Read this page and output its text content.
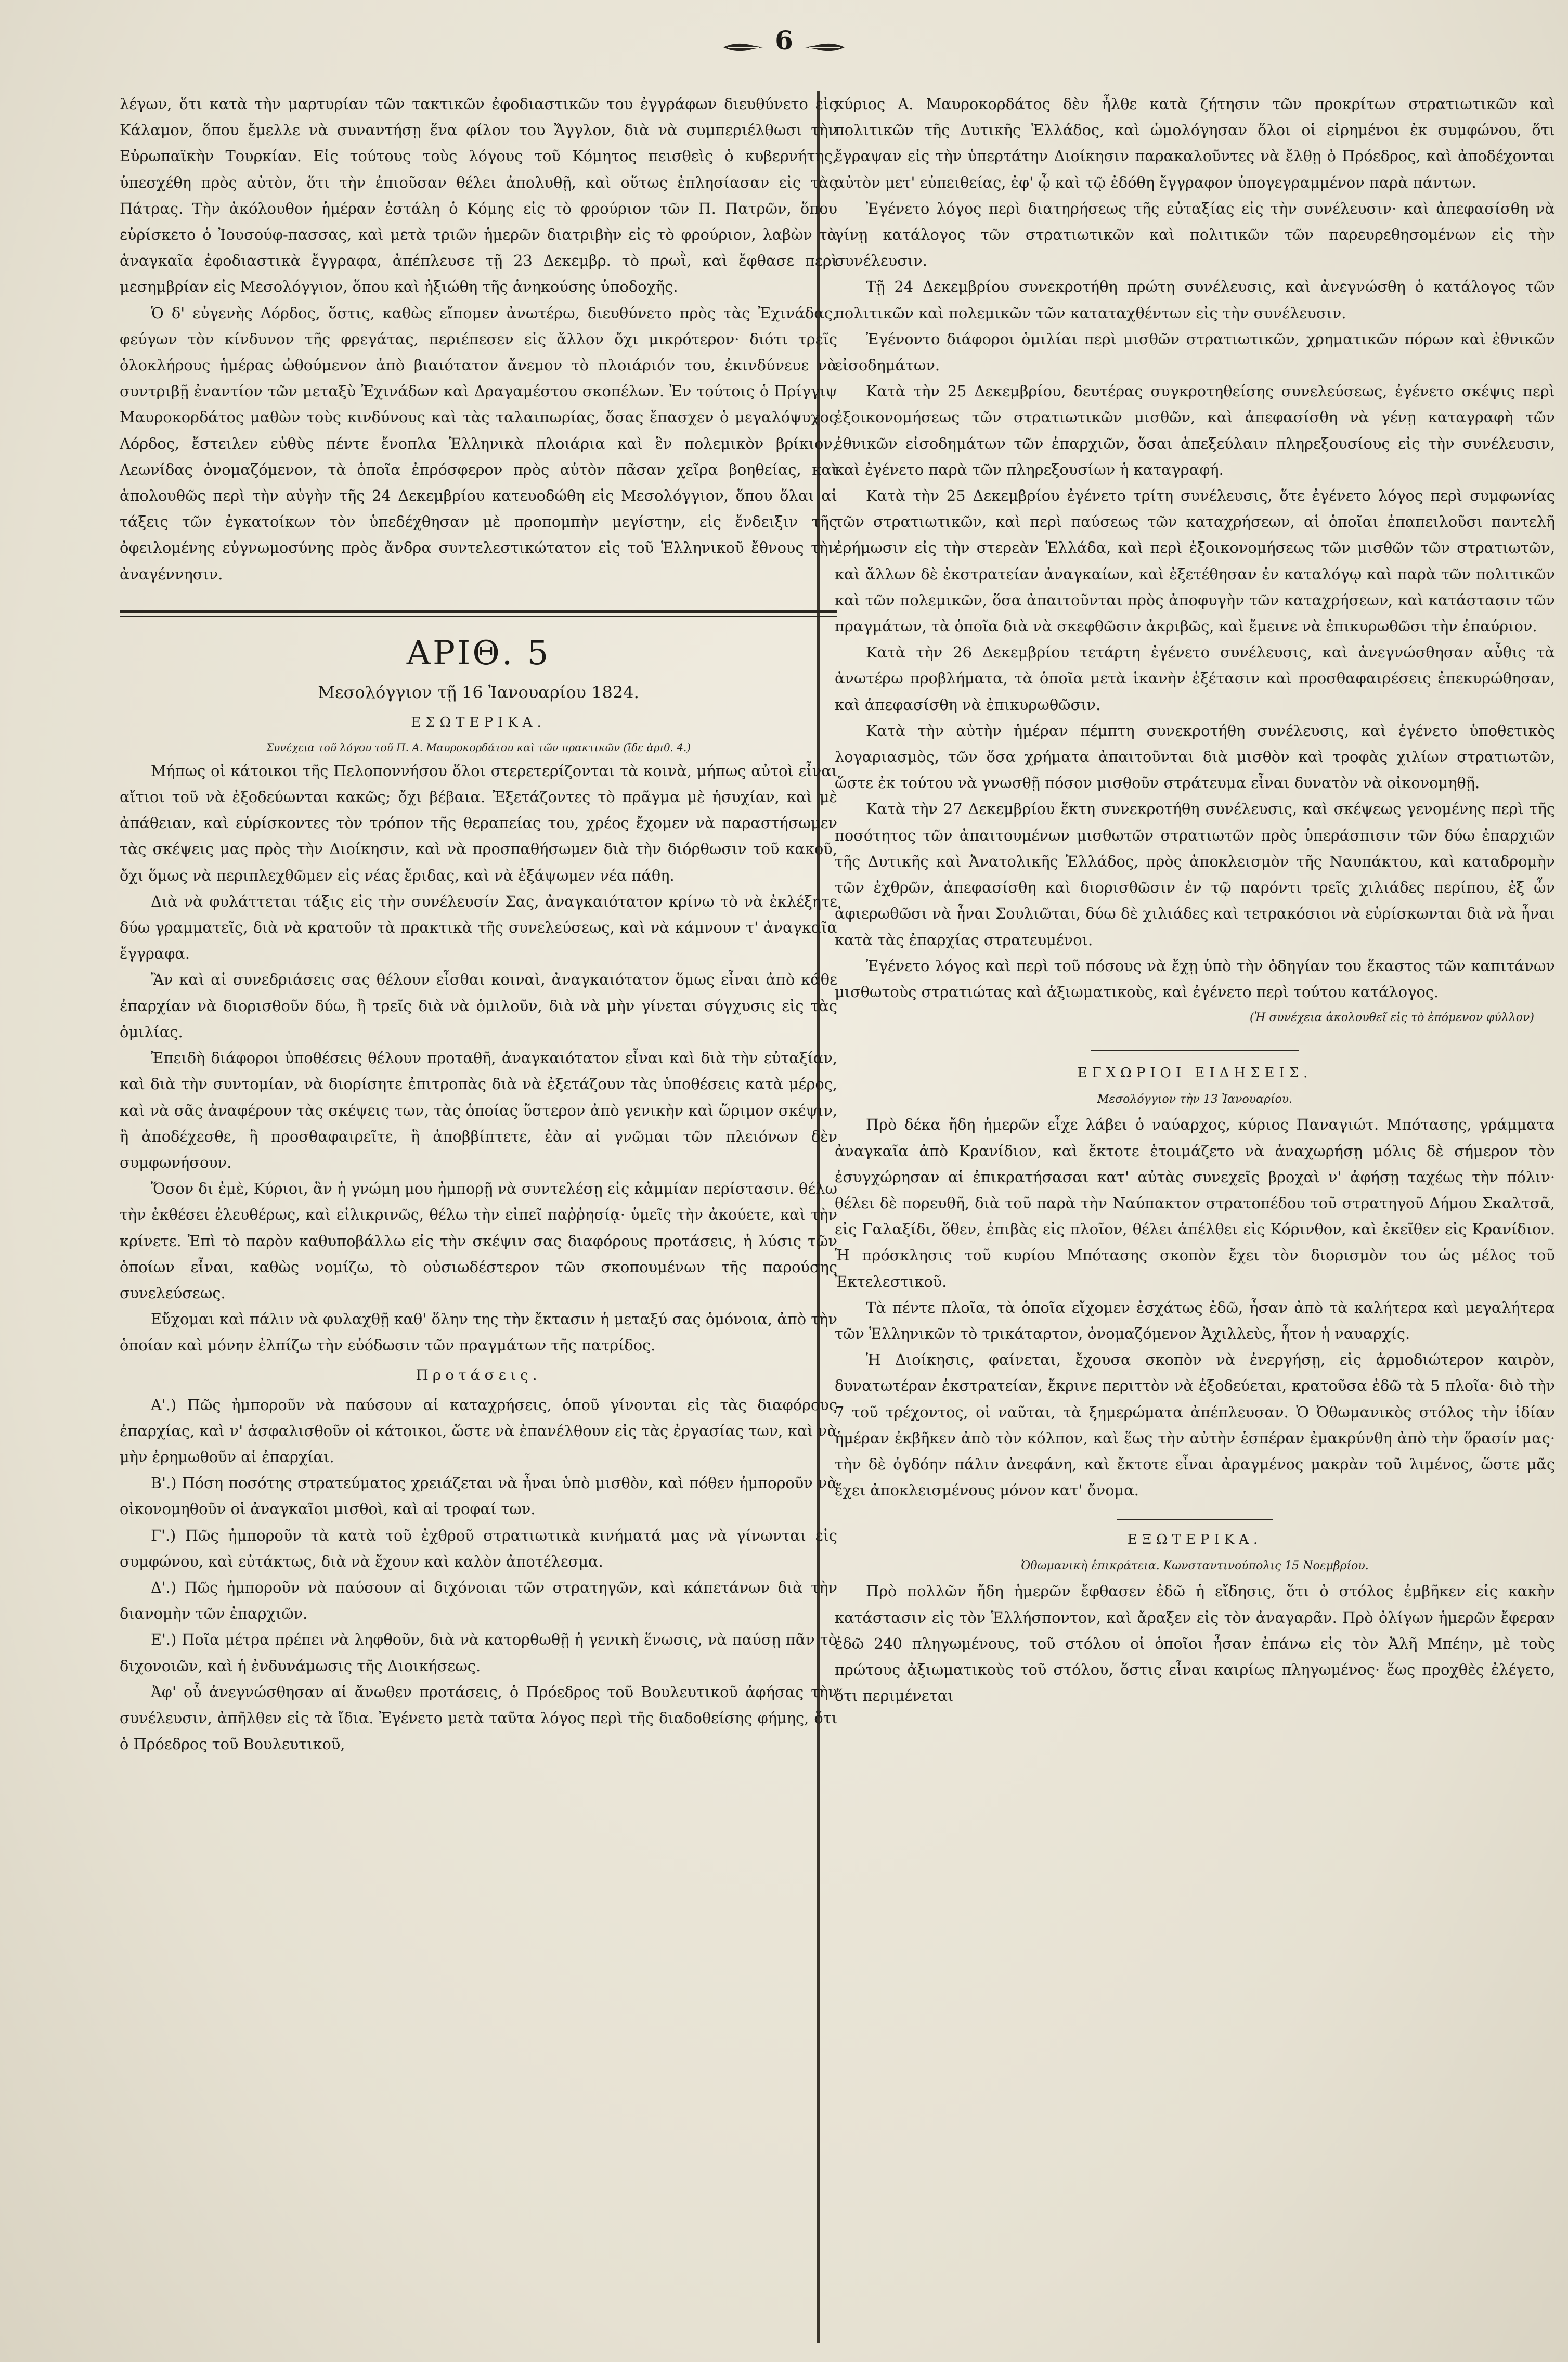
6

λέγων, ὅτι κατὰ τὴν μαρτυρίαν τῶν τακτικῶν ἐφοδιαστικῶν του ἐγγράφων διευθύνετο εἰς Κάλαμον, ὅπου ἔμελλε νὰ συναντήσῃ ἕνα φίλον του Ἄγγλον, διὰ νὰ συμπεριέλθωσι τὴν Εὐρωπαϊκὴν Τουρκίαν. Εἰς τούτους τοὺς λόγους τοῦ Κόμητος πεισθεὶς ὁ κυβερνήτης, ὑπεσχέθη πρὸς αὐτὸν, ὅτι τὴν ἐπιοῦσαν θέλει ἀπολυθῇ, καὶ οὕτως ἐπλησίασαν εἰς τὰς Πάτρας. Τὴν ἀκόλουθον ἡμέραν ἐστάλη ὁ Κόμης εἰς τὸ φρούριον τῶν Π. Πατρῶν, ὅπου εὑρίσκετο ὁ Ἰουσούφ-πασσας, καὶ μετὰ τριῶν ἡμερῶν διατριβὴν εἰς τὸ φρούριον, λαβὼν τὰ ἀναγκαῖα ἐφοδιαστικὰ ἔγγραφα, ἀπέπλευσε τῇ 23 Δεκεμβρ. τὸ πρωῒ, καὶ ἔφθασε περὶ μεσημβρίαν εἰς Μεσολόγγιον, ὅπου καὶ ἠξιώθη τῆς ἁνηκούσης ὑποδοχῆς.

Ὁ δ' εὐγενὴς Λόρδος, ὅστις, καθὼς εἴπομεν ἀνωτέρω, διευθύνετο πρὸς τὰς Ἐχινάδας, φεύγων τὸν κίνδυνον τῆς φρεγάτας, περιέπεσεν εἰς ἄλλον ὄχι μικρότερον· διότι τρεῖς ὁλοκλήρους ἡμέρας ὠθούμενον ἀπὸ βιαιότατον ἄνεμον τὸ πλοιάριόν του, ἐκινδύνευε νὰ συντριβῇ ἐναντίον τῶν μεταξὺ Ἐχινάδων καὶ Δραγαμέστου σκοπέλων. Ἐν τούτοις ὁ Πρίγγιψ Μαυροκορδάτος μαθὼν τοὺς κινδύνους καὶ τὰς ταλαιπωρίας, ὅσας ἔπασχεν ὁ μεγαλόψυχος Λόρδος, ἔστειλεν εὐθὺς πέντε ἔνοπλα Ἑλληνικὰ πλοιάρια καὶ ἓν πολεμικὸν βρίκιον, Λεωνίδας ὀνομαζόμενον, τὰ ὁποῖα ἐπρόσφερον πρὸς αὐτὸν πᾶσαν χεῖρα βοηθείας, καὶ ἀπολουθῶς περὶ τὴν αὐγὴν τῆς 24 Δεκεμβρίου κατευοδώθη εἰς Μεσολόγγιον, ὅπου ὅλαι αἱ τάξεις τῶν ἐγκατοίκων τὸν ὑπεδέχθησαν μὲ προπομπὴν μεγίστην, εἰς ἔνδειξιν τῆς ὀφειλομένης εὐγνωμοσύνης πρὸς ἄνδρα συντελεστικώτατον εἰς τοῦ Ἑλληνικοῦ ἔθνους τὴν ἀναγέννησιν.

ΑΡΙΘ. 5
Μεσολόγγιον τῇ 16 Ἰανουαρίου 1824.
ΕΣΩΤΕΡΙΚΑ.
Συνέχεια τοῦ λόγου τοῦ Π. Α. Μαυροκορδάτου καὶ τῶν πρακτικῶν (ἴδε ἀριθ. 4.)

Μήπως οἱ κάτοικοι τῆς Πελοποννήσου ὅλοι στερετερίζονται τὰ κοινὰ, μήπως αὐτοὶ εἶναι αἴτιοι τοῦ νὰ ἐξοδεύωνται κακῶς; ὄχι βέβαια. Ἐξετάζοντες τὸ πρᾶγμα μὲ ἡσυχίαν, καὶ μὲ ἀπάθειαν, καὶ εὑρίσκοντες τὸν τρόπον τῆς θεραπείας του, χρέος ἔχομεν νὰ παραστήσωμεν τὰς σκέψεις μας πρὸς τὴν Διοίκησιν, καὶ νὰ προσπαθήσωμεν διὰ τὴν διόρθωσιν τοῦ κακοῦ, ὄχι ὅμως νὰ περιπλεχθῶμεν εἰς νέας ἔριδας, καὶ νὰ ἐξάψωμεν νέα πάθη.

Διὰ νὰ φυλάττεται τάξις εἰς τὴν συνέλευσίν Σας, ἀναγκαιότατον κρίνω τὸ νὰ ἐκλέξητε δύω γραμματεῖς, διὰ νὰ κρατοῦν τὰ πρακτικὰ τῆς συνελεύσεως, καὶ νὰ κάμνουν τ' ἀναγκαῖα ἔγγραφα.

Ἂν καὶ αἱ συνεδριάσεις σας θέλουν εἶσθαι κοιναὶ, ἀναγκαιότατον ὅμως εἶναι ἀπὸ κάθε ἐπαρχίαν νὰ διορισθοῦν δύω, ἢ τρεῖς διὰ νὰ ὁμιλοῦν, διὰ νὰ μὴν γίνεται σύγχυσις εἰς τὰς ὁμιλίας.

Ἐπειδὴ διάφοροι ὑποθέσεις θέλουν προταθῆ, ἀναγκαιότατον εἶναι καὶ διὰ τὴν εὐταξίαν, καὶ διὰ τὴν συντομίαν, νὰ διορίσητε ἐπιτροπὰς διὰ νὰ ἐξετάζουν τὰς ὑποθέσεις κατὰ μέρος, καὶ νὰ σᾶς ἀναφέρουν τὰς σκέψεις των, τὰς ὁποίας ὕστερον ἀπὸ γενικὴν καὶ ὥριμον σκέψιν, ἢ ἀποδέχεσθε, ἢ προσθαφαιρεῖτε, ἢ ἀποββίπτετε, ἐὰν αἱ γνῶμαι τῶν πλειόνων δὲν συμφωνήσουν.

Ὅσον δι ἐμὲ, Κύριοι, ἂν ἡ γνώμη μου ἠμπορῇ νὰ συντελέσῃ εἰς κἀμμίαν περίστασιν. θέλω τὴν ἐκθέσει ἐλευθέρως, καὶ εἰλικρινῶς, θέλω τὴν εἰπεῖ παῤῥησίᾳ· ὑμεῖς τὴν ἀκούετε, καὶ τὴν κρίνετε. Ἐπὶ τὸ παρὸν καθυποβάλλω εἰς τὴν σκέψιν σας διαφόρους προτάσεις, ἡ λύσις τῶν ὁποίων εἶναι, καθὼς νομίζω, τὸ οὐσιωδέστερον τῶν σκοπουμένων τῆς παρούσης συνελεύσεως.

Εὔχομαι καὶ πάλιν νὰ φυλαχθῇ καθ' ὅλην της τὴν ἔκτασιν ἡ μεταξύ σας ὁμόνοια, ἀπὸ τὴν ὁποίαν καὶ μόνην ἐλπίζω τὴν εὐόδωσιν τῶν πραγμάτων τῆς πατρίδος.

Προτάσεις.

Α'.) Πῶς ἠμποροῦν νὰ παύσουν αἱ καταχρήσεις, ὁποῦ γίνονται εἰς τὰς διαφόρους ἐπαρχίας, καὶ ν' ἀσφαλισθοῦν οἱ κάτοικοι, ὥστε νὰ ἐπανέλθουν εἰς τὰς ἐργασίας των, καὶ νὰ μὴν ἐρημωθοῦν αἱ ἐπαρχίαι.

Β'.) Πόση ποσότης στρατεύματος χρειάζεται νὰ ἦναι ὑπὸ μισθὸν, καὶ πόθεν ἠμποροῦν νὰ οἰκονομηθοῦν οἱ ἀναγκαῖοι μισθοὶ, καὶ αἱ τροφαί των.

Γ'.) Πῶς ἠμποροῦν τὰ κατὰ τοῦ ἐχθροῦ στρατιωτικὰ κινήματά μας νὰ γίνωνται εἰς συμφώνου, καὶ εὐτάκτως, διὰ νὰ ἔχουν καὶ καλὸν ἀποτέλεσμα.

Δ'.) Πῶς ἠμποροῦν νὰ παύσουν αἱ διχόνοιαι τῶν στρατηγῶν, καὶ κάπετάνων διὰ τὴν διανομὴν τῶν ἐπαρχιῶν.

Ε'.) Ποῖα μέτρα πρέπει νὰ ληφθοῦν, διὰ νὰ κατορθωθῇ ἡ γενικὴ ἕνωσις, νὰ παύσῃ πᾶν τὸ διχονοιῶν, καὶ ἡ ἐνδυνάμωσις τῆς Διοικήσεως.

Ἀφ' οὗ ἀνεγνώσθησαν αἱ ἄνωθεν προτάσεις, ὁ Πρόεδρος τοῦ Βουλευτικοῦ ἀφήσας τὴν συνέλευσιν, ἀπῆλθεν εἰς τὰ ἴδια. Ἐγένετο μετὰ ταῦτα λόγος περὶ τῆς διαδοθείσης φήμης, ὅτι ὁ Πρόεδρος τοῦ Βουλευτικοῦ,

κύριος Α. Μαυροκορδάτος δὲν ἦλθε κατὰ ζήτησιν τῶν προκρίτων στρατιωτικῶν καὶ πολιτικῶν τῆς Δυτικῆς Ἑλλάδος, καὶ ὡμολόγησαν ὅλοι οἱ εἰρημένοι ἐκ συμφώνου, ὅτι ἔγραψαν εἰς τὴν ὑπερτάτην Διοίκησιν παρακαλοῦντες νὰ ἔλθῃ ὁ Πρόεδρος, καὶ ἀποδέχονται αὐτὸν μετ' εὐπειθείας, ἐφ' ᾧ καὶ τῷ ἐδόθη ἔγγραφον ὑπογεγραμμένον παρὰ πάντων.

Ἐγένετο λόγος περὶ διατηρήσεως τῆς εὐταξίας εἰς τὴν συνέλευσιν· καὶ ἀπεφασίσθη νὰ γίνῃ κατάλογος τῶν στρατιωτικῶν καὶ πολιτικῶν τῶν παρευρεθησομένων εἰς τὴν συνέλευσιν.

Τῇ 24 Δεκεμβρίου συνεκροτήθη πρώτη συνέλευσις, καὶ ἀνεγνώσθη ὁ κατάλογος τῶν πολιτικῶν καὶ πολεμικῶν τῶν καταταχθέντων εἰς τὴν συνέλευσιν.

Ἐγένοντο διάφοροι ὁμιλίαι περὶ μισθῶν στρατιωτικῶν, χρηματικῶν πόρων καὶ ἐθνικῶν εἰσοδημάτων.

Κατὰ τὴν 25 Δεκεμβρίου, δευτέρας συγκροτηθείσης συνελεύσεως, ἐγένετο σκέψις περὶ ἐξοικονομήσεως τῶν στρατιωτικῶν μισθῶν, καὶ ἀπεφασίσθη νὰ γένῃ καταγραφὴ τῶν ἐθνικῶν εἰσοδημάτων τῶν ἐπαρχιῶν, ὅσαι ἀπεξεύλαιν πληρεξουσίους εἰς τὴν συνέλευσιν, καὶ ἐγένετο παρὰ τῶν πληρεξουσίων ἡ καταγραφή.

Κατὰ τὴν 25 Δεκεμβρίου ἐγένετο τρίτη συνέλευσις, ὅτε ἐγένετο λόγος περὶ συμφωνίας τῶν στρατιωτικῶν, καὶ περὶ παύσεως τῶν καταχρήσεων, αἱ ὁποῖαι ἐπαπειλοῦσι παντελῆ ἐρήμωσιν εἰς τὴν στερεὰν Ἑλλάδα, καὶ περὶ ἐξοικονομήσεως τῶν μισθῶν τῶν στρατιωτῶν, καὶ ἄλλων δὲ ἐκστρατείαν ἀναγκαίων, καὶ ἐξετέθησαν ἐν καταλόγῳ καὶ παρὰ τῶν πολιτικῶν καὶ τῶν πολεμικῶν, ὅσα ἀπαιτοῦνται πρὸς ἀποφυγὴν τῶν καταχρήσεων, καὶ κατάστασιν τῶν πραγμάτων, τὰ ὁποῖα διὰ νὰ σκεφθῶσιν ἀκριβῶς, καὶ ἔμεινε νὰ ἐπικυρωθῶσι τὴν ἐπαύριον.

Κατὰ τὴν 26 Δεκεμβρίου τετάρτη ἐγένετο συνέλευσις, καὶ ἀνεγνώσθησαν αὖθις τὰ ἀνωτέρω προβλήματα, τὰ ὁποῖα μετὰ ἱκανὴν ἐξέτασιν καὶ προσθαφαιρέσεις ἐπεκυρώθησαν, καὶ ἀπεφασίσθη νὰ ἐπικυρωθῶσιν.

Κατὰ τὴν αὐτὴν ἡμέραν πέμπτη συνεκροτήθη συνέλευσις, καὶ ἐγένετο ὑποθετικὸς λογαριασμὸς, τῶν ὅσα χρήματα ἀπαιτοῦνται διὰ μισθὸν καὶ τροφὰς χιλίων στρατιωτῶν, ὥστε ἐκ τούτου νὰ γνωσθῇ πόσον μισθοῦν στράτευμα εἶναι δυνατὸν νὰ οἰκονομηθῇ.

Κατὰ τὴν 27 Δεκεμβρίου ἕκτη συνεκροτήθη συνέλευσις, καὶ σκέψεως γενομένης περὶ τῆς ποσότητος τῶν ἀπαιτουμένων μισθωτῶν στρατιωτῶν πρὸς ὑπεράσπισιν τῶν δύω ἐπαρχιῶν τῆς Δυτικῆς καὶ Ἀνατολικῆς Ἑλλάδος, πρὸς ἀποκλεισμὸν τῆς Ναυπάκτου, καὶ καταδρομὴν τῶν ἐχθρῶν, ἀπεφασίσθη καὶ διορισθῶσιν ἐν τῷ παρόντι τρεῖς χιλιάδες περίπου, ἐξ ὧν ἀφιερωθῶσι νὰ ἦναι Σουλιῶται, δύω δὲ χιλιάδες καὶ τετρακόσιοι νὰ εὑρίσκωνται διὰ νὰ ἦναι κατὰ τὰς ἐπαρχίας στρατευμένοι.

Ἐγένετο λόγος καὶ περὶ τοῦ πόσους νὰ ἔχῃ ὑπὸ τὴν ὁδηγίαν του ἕκαστος τῶν καπιτάνων μισθωτοὺς στρατιώτας καὶ ἀξιωματικοὺς, καὶ ἐγένετο περὶ τούτου κατάλογος.

(Ἡ συνέχεια ἀκολουθεῖ εἰς τὸ ἑπόμενον φύλλον)
ΕΓΧΩΡΙΟΙ ΕΙΔΗΣΕΙΣ.
Μεσολόγγιον τὴν 13 Ἰανουαρίου.

Πρὸ δέκα ἤδη ἡμερῶν εἶχε λάβει ὁ ναύαρχος, κύριος Παναγιώτ. Μπότασης, γράμματα ἀναγκαῖα ἀπὸ Κρανίδιον, καὶ ἔκτοτε ἑτοιμάζετο νὰ ἀναχωρήσῃ μόλις δὲ σήμερον τὸν ἐσυγχώρησαν αἱ ἐπικρατήσασαι κατ' αὐτὰς συνεχεῖς βροχαὶ ν' ἀφήσῃ ταχέως τὴν πόλιν· θέλει δὲ πορευθῆ, διὰ τοῦ παρὰ τὴν Ναύπακτον στρατοπέδου τοῦ στρατηγοῦ Δήμου Σκαλτσᾶ, εἰς Γαλαξίδι, ὅθεν, ἐπιβὰς εἰς πλοῖον, θέλει ἀπέλθει εἰς Κόρινθον, καὶ ἐκεῖθεν εἰς Κρανίδιον. Ἡ πρόσκλησις τοῦ κυρίου Μπότασης σκοπὸν ἔχει τὸν διορισμὸν του ὡς μέλος τοῦ Ἐκτελεστικοῦ.

Τὰ πέντε πλοῖα, τὰ ὁποῖα εἴχομεν ἐσχάτως ἐδῶ, ἦσαν ἀπὸ τὰ καλήτερα καὶ μεγαλήτερα τῶν Ἑλληνικῶν τὸ τρικάταρτον, ὀνομαζόμενον Ἀχιλλεὺς, ἦτον ἡ ναυαρχίς.

Ἡ Διοίκησις, φαίνεται, ἔχουσα σκοπὸν νὰ ἐνεργήσῃ, εἰς ἁρμοδιώτερον καιρὸν, δυνατωτέραν ἐκστρατείαν, ἔκρινε περιττὸν νὰ ἐξοδεύεται, κρατοῦσα ἐδῶ τὰ 5 πλοῖα· διὸ τὴν 7 τοῦ τρέχοντος, οἱ ναῦται, τὰ ξημερώματα ἀπέπλευσαν. Ὁ Ὀθωμανικὸς στόλος τὴν ἰδίαν ἡμέραν ἐκβῆκεν ἀπὸ τὸν κόλπον, καὶ ἕως τὴν αὐτὴν ἑσπέραν ἐμακρύνθη ἀπὸ τὴν ὅρασίν μας· τὴν δὲ ὀγδόην πάλιν ἀνεφάνη, καὶ ἔκτοτε εἶναι ἀραγμένος μακρὰν τοῦ λιμένος, ὥστε μᾶς ἔχει ἀποκλεισμένους μόνον κατ' ὄνομα.

ΕΞΩΤΕΡΙΚΑ.
Ὀθωμανικὴ ἐπικράτεια. Κωνσταντινούπολις 15 Νοεμβρίου.

Πρὸ πολλῶν ἤδη ἡμερῶν ἔφθασεν ἐδῶ ἡ εἴδησις, ὅτι ὁ στόλος ἐμβῆκεν εἰς κακὴν κατάστασιν εἰς τὸν Ἑλλήσποντον, καὶ ἄραξεν εἰς τὸν ἀναγαρᾶν. Πρὸ ὀλίγων ἡμερῶν ἔφεραν ἐδῶ 240 πληγωμένους, τοῦ στόλου οἱ ὁποῖοι ἦσαν ἐπάνω εἰς τὸν Ἀλῆ Μπέην, μὲ τοὺς πρώτους ἀξιωματικοὺς τοῦ στόλου, ὅστις εἶναι καιρίως πληγωμένος· ἕως προχθὲς ἐλέγετο, ὅτι περιμένεται
